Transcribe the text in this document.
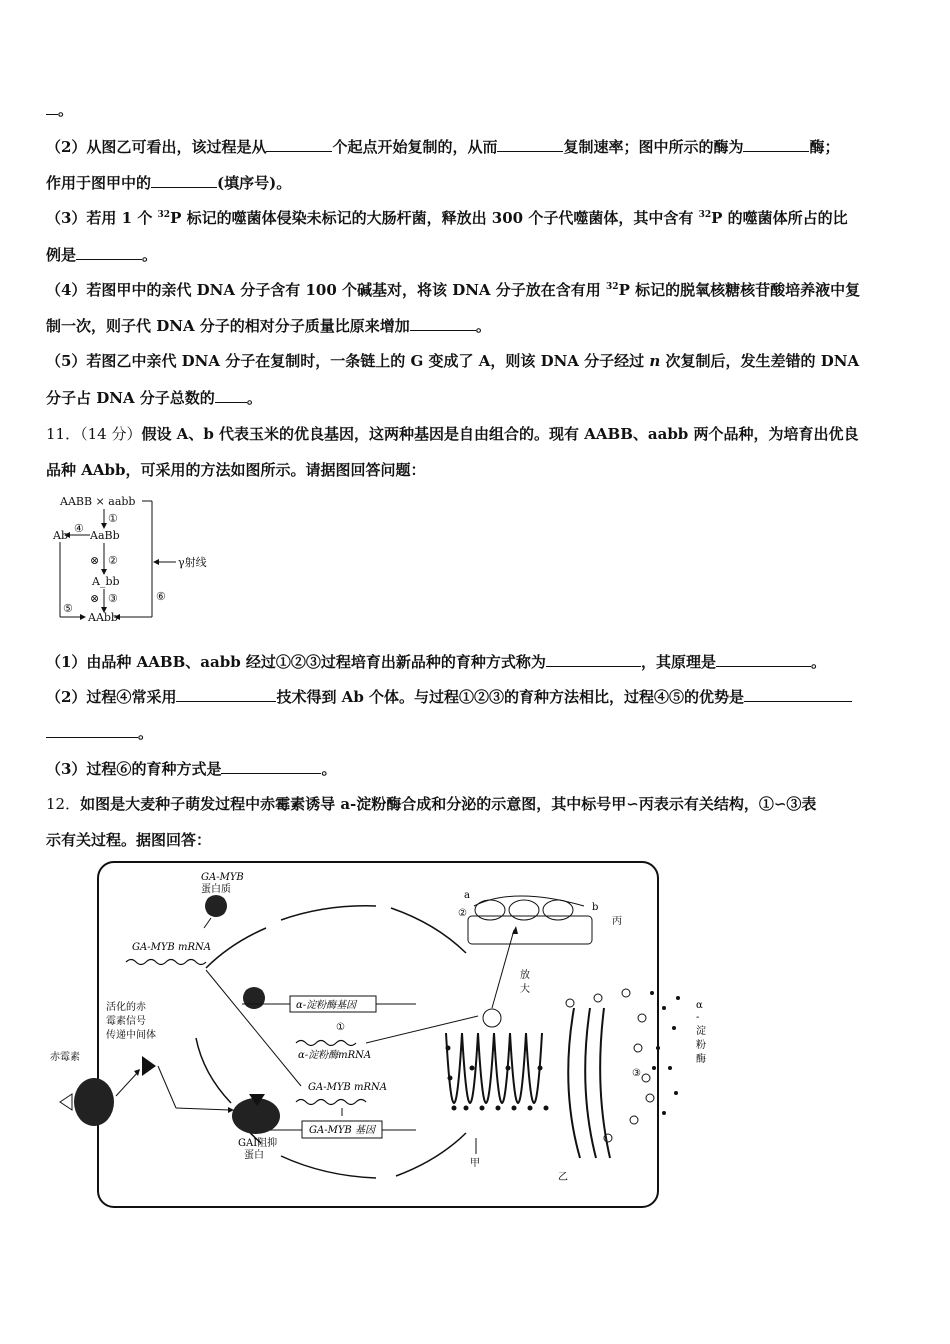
。
（2）从图乙可看出，该过程是从	个起点开始复制的，从而	复制速率；图中所示的酶为	酶；
作用于图甲中的	(填序号)。
（3）若用 1 个 $^{32}$P 标记的噬菌体侵染未标记的大肠杆菌，释放出 300 个子代噬菌体，其中含有 $^{32}$P 的噬菌体所占的比
例是	。
（4）若图甲中的亲代 DNA 分子含有 100 个碱基对，将该 DNA 分子放在含有用 $^{32}$P 标记的脱氧核糖核苷酸培养液中复
制一次，则子代 DNA 分子的相对分子质量比原来增加	。
（5）若图乙中亲代 DNA 分子在复制时，一条链上的 G 变成了 A，则该 DNA 分子经过 n 次复制后，发生差错的 DNA
分子占 DNA 分子总数的 。
11．（14 分）假设 A、b 代表玉米的优良基因，这两种基因是自由组合的。现有 AABB、aabb 两个品种，为培育出优良
品种 AAbb，可采用的方法如图所示。请据图回答问题：
AABB × aabb
①
AaBb
Ab
④
⑤
⊗ ②
A_bb
⊗ ③
AAbb
γ射线
⑥
（1）由品种 AABB、aabb 经过①②③过程培育出新品种的育种方式称为	，其原理是	。
（2）过程④常采用	技术得到 Ab 个体。与过程①②③的育种方法相比，过程④⑤的优势是
。
（3）过程⑥的育种方式是	。
12．如图是大麦种子萌发过程中赤霉素诱导 a-淀粉酶合成和分泌的示意图，其中标号甲∽丙表示有关结构，①∽③表
示有关过程。据图回答：
GA-MYB
蛋白质
GA-MYB mRNA
α-淀粉酶基因
①
α-淀粉酶mRNA
GA-MYB mRNA
GA-MYB 基因
GAI阻抑
蛋白
活化的赤
霉素信号
传递中间体
赤霉素
放
大
甲
a
②
b
丙
乙
③
α
-
淀
粉
酶
